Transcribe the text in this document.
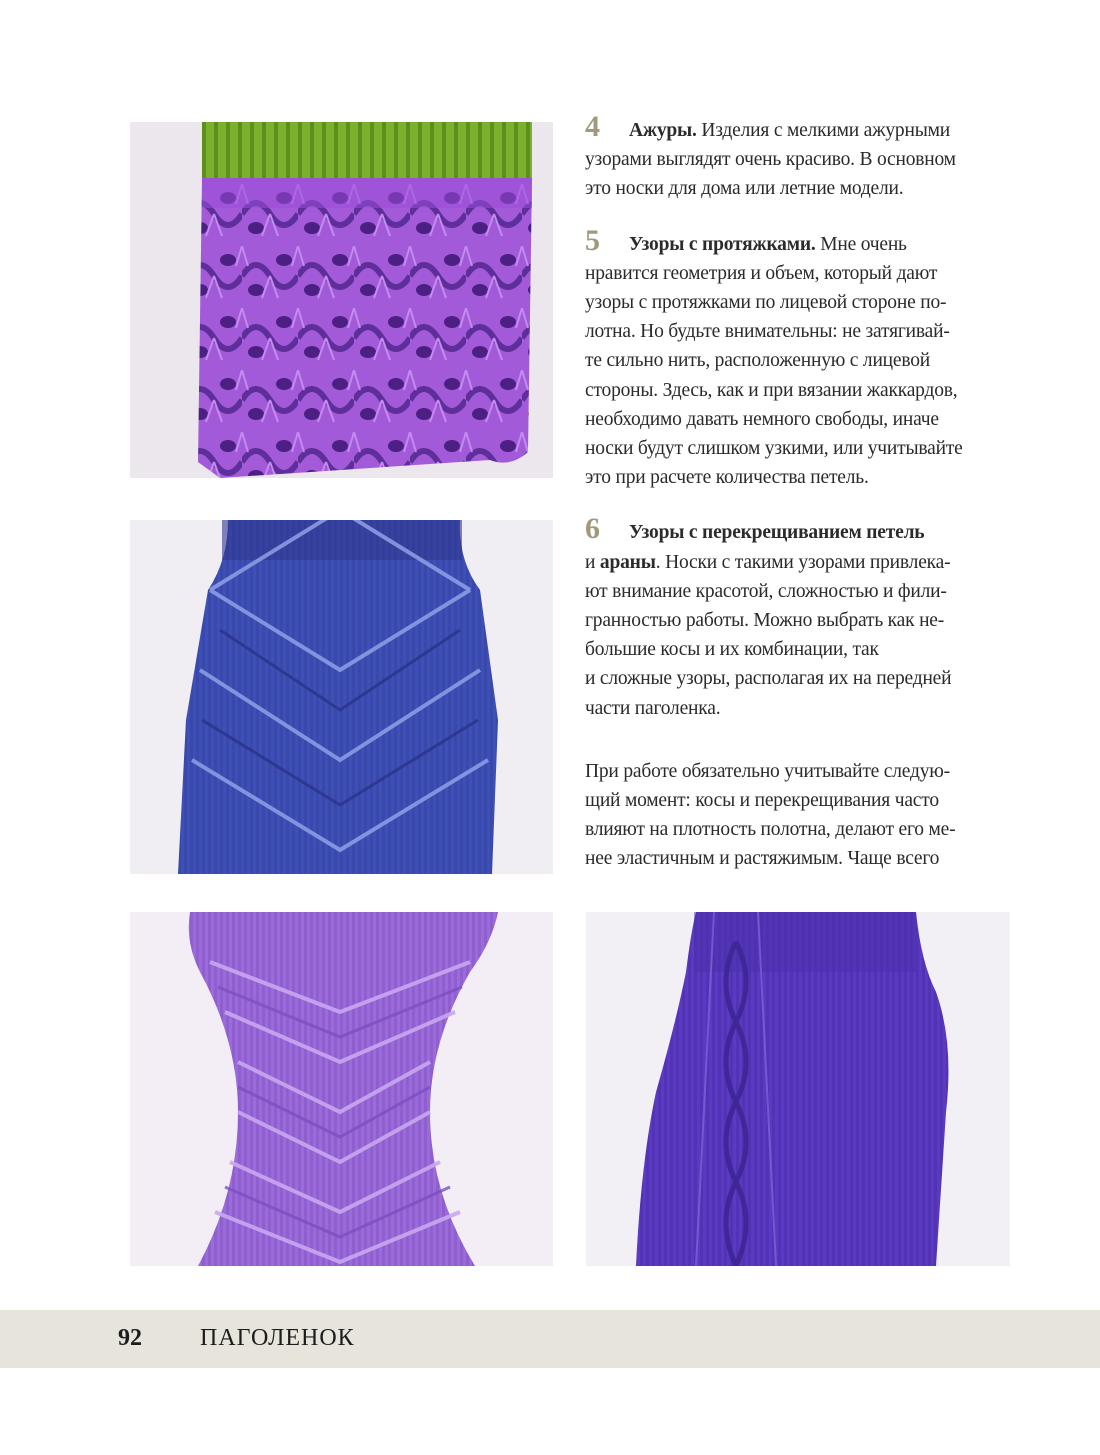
4 Ажуры. Изделия с мелкими ажурными
узорами выглядят очень красиво. В основном
это носки для дома или летние модели.
5 Узоры с протяжками. Мне очень
нравится геометрия и объем, который дают
узоры с протяжками по лицевой стороне по-
лотна. Но будьте внимательны: не затягивай-
те сильно нить, расположенную с лицевой
стороны. Здесь, как и при вязании жаккардов,
необходимо давать немного свободы, иначе
носки будут слишком узкими, или учитывайте
это при расчете количества петель.
6 Узоры с перекрещиванием петель
и араны. Носки с такими узорами привлека-
ют внимание красотой, сложностью и фили-
гранностью работы. Можно выбрать как не-
большие косы и их комбинации, так
и сложные узоры, располагая их на передней
части паголенка.
При работе обязательно учитывайте следую-
щий момент: косы и перекрещивания часто
влияют на плотность полотна, делают его ме-
нее эластичным и растяжимым. Чаще всего
92 ПАГОЛЕНОК
